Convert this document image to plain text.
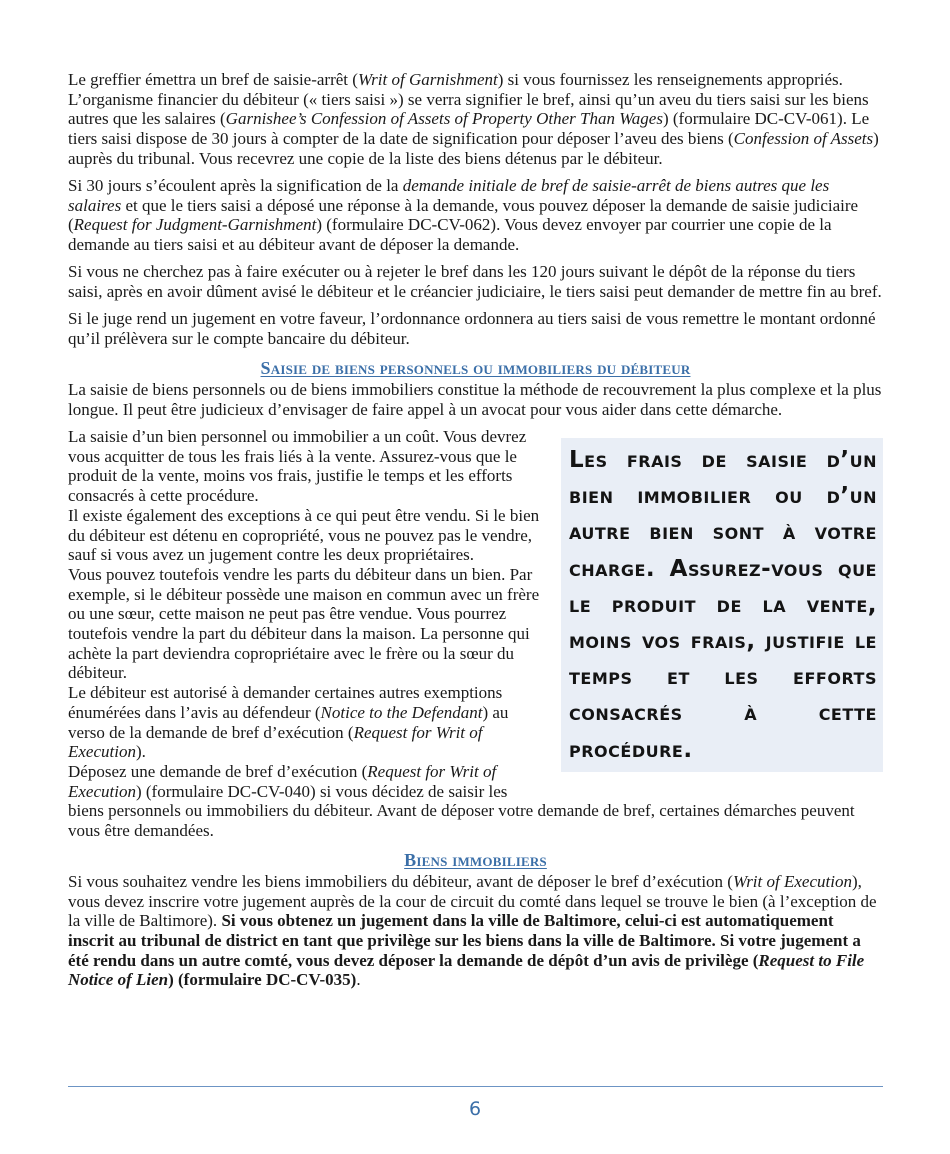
Le greffier émettra un bref de saisie-arrêt (Writ of Garnishment) si vous fournissez les renseignements appropriés. L’organisme financier du débiteur (« tiers saisi ») se verra signifier le bref, ainsi qu’un aveu du tiers saisi sur les biens autres que les salaires (Garnishee’s Confession of Assets of Property Other Than Wages) (formulaire DC-CV-061). Le tiers saisi dispose de 30 jours à compter de la date de signification pour déposer l’aveu des biens (Confession of Assets) auprès du tribunal. Vous recevrez une copie de la liste des biens détenus par le débiteur.

Si 30 jours s’écoulent après la signification de la demande initiale de bref de saisie-arrêt de biens autres que les salaires et que le tiers saisi a déposé une réponse à la demande, vous pouvez déposer la demande de saisie judiciaire (Request for Judgment-Garnishment) (formulaire DC-CV-062). Vous devez envoyer par courrier une copie de la demande au tiers saisi et au débiteur avant de déposer la demande.

Si vous ne cherchez pas à faire exécuter ou à rejeter le bref dans les 120 jours suivant le dépôt de la réponse du tiers saisi, après en avoir dûment avisé le débiteur et le créancier judiciaire, le tiers saisi peut demander de mettre fin au bref.

Si le juge rend un jugement en votre faveur, l’ordonnance ordonnera au tiers saisi de vous remettre le montant ordonné qu’il prélèvera sur le compte bancaire du débiteur.

Saisie de biens personnels ou immobiliers du débiteur

La saisie de biens personnels ou de biens immobiliers constitue la méthode de recouvrement la plus complexe et la plus longue. Il peut être judicieux d’envisager de faire appel à un avocat pour vous aider dans cette démarche.

Les frais de saisie d’un bien immobilier ou d’un autre bien sont à votre charge. Assurez-vous que le produit de la vente, moins vos frais, justifie le temps et les efforts consacrés à cette procédure.

La saisie d’un bien personnel ou immobilier a un coût. Vous devrez vous acquitter de tous les frais liés à la vente. Assurez-vous que le produit de la vente, moins vos frais, justifie le temps et les efforts consacrés à cette procédure.

Il existe également des exceptions à ce qui peut être vendu. Si le bien du débiteur est détenu en copropriété, vous ne pouvez pas le vendre, sauf si vous avez un jugement contre les deux propriétaires.

Vous pouvez toutefois vendre les parts du débiteur dans un bien. Par exemple, si le débiteur possède une maison en commun avec un frère ou une sœur, cette maison ne peut pas être vendue. Vous pourrez toutefois vendre la part du débiteur dans la maison. La personne qui achète la part deviendra copropriétaire avec le frère ou la sœur du débiteur.

Le débiteur est autorisé à demander certaines autres exemptions énumérées dans l’avis au défendeur (Notice to the Defendant) au verso de la demande de bref d’exécution (Request for Writ of Execution).

Déposez une demande de bref d’exécution (Request for Writ of Execution) (formulaire DC-CV-040) si vous décidez de saisir les biens personnels ou immobiliers du débiteur. Avant de déposer votre demande de bref, certaines démarches peuvent vous être demandées.

Biens immobiliers

Si vous souhaitez vendre les biens immobiliers du débiteur, avant de déposer le bref d’exécution (Writ of Execution), vous devez inscrire votre jugement auprès de la cour de circuit du comté dans lequel se trouve le bien (à l’exception de la ville de Baltimore). Si vous obtenez un jugement dans la ville de Baltimore, celui-ci est automatiquement inscrit au tribunal de district en tant que privilège sur les biens dans la ville de Baltimore. Si votre jugement a été rendu dans un autre comté, vous devez déposer la demande de dépôt d’un avis de privilège (Request to File Notice of Lien) (formulaire DC-CV-035).

6
